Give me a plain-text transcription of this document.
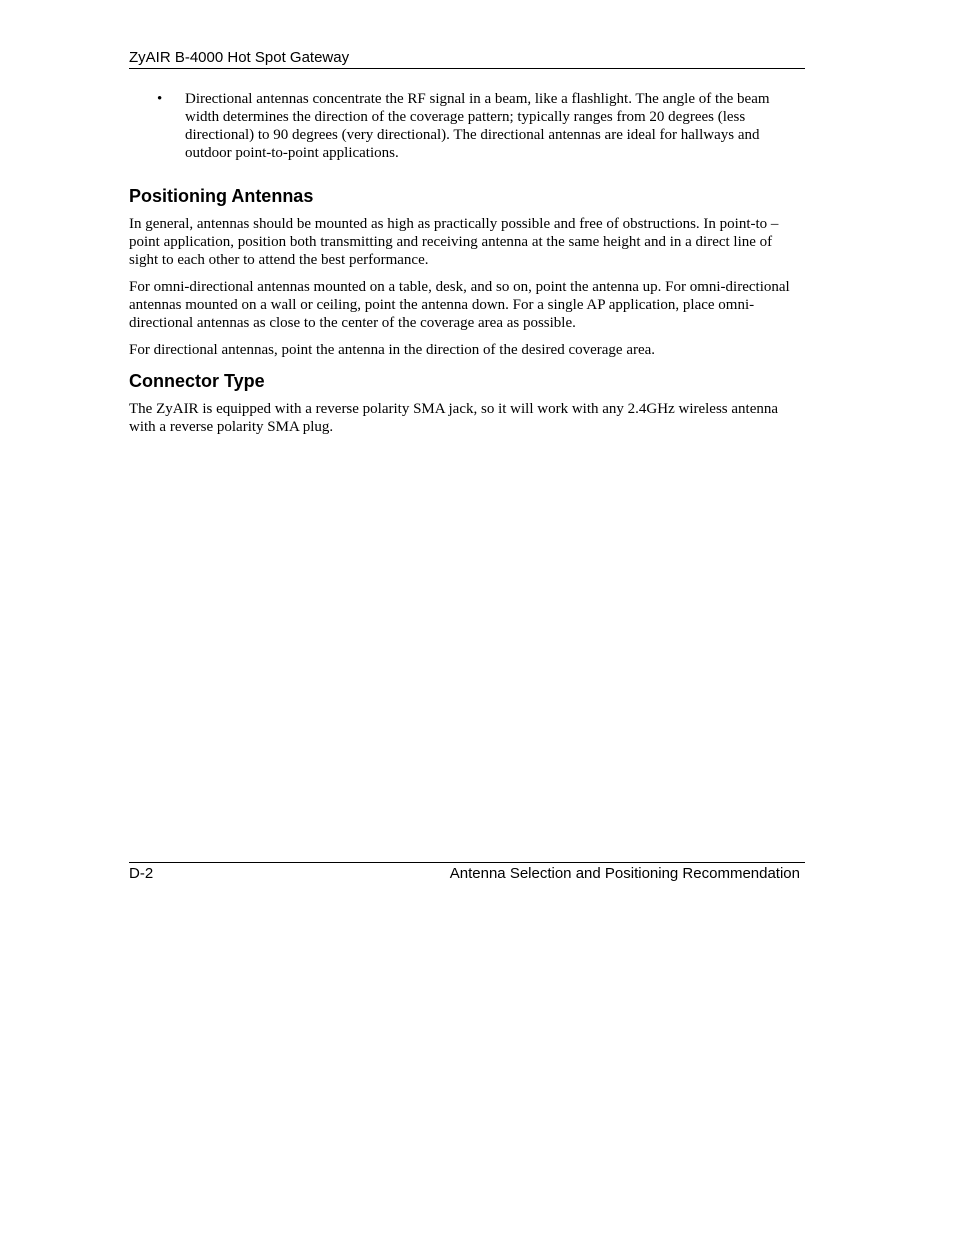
ZyAIR B-4000 Hot Spot Gateway
• Directional antennas concentrate the RF signal in a beam, like a flashlight. The angle of the beam width determines the direction of the coverage pattern; typically ranges from 20 degrees (less directional) to 90 degrees (very directional). The directional antennas are ideal for hallways and outdoor point-to-point applications.
Positioning Antennas

In general, antennas should be mounted as high as practically possible and free of obstructions. In point-to –point application, position both transmitting and receiving antenna at the same height and in a direct line of sight to each other to attend the best performance.

For omni-directional antennas mounted on a table, desk, and so on, point the antenna up. For omni-directional antennas mounted on a wall or ceiling, point the antenna down. For a single AP application, place omni-directional antennas as close to the center of the coverage area as possible.

For directional antennas, point the antenna in the direction of the desired coverage area.

Connector Type

The ZyAIR is equipped with a reverse polarity SMA jack, so it will work with any 2.4GHz wireless antenna with a reverse polarity SMA plug.

D-2	Antenna Selection and Positioning Recommendation
